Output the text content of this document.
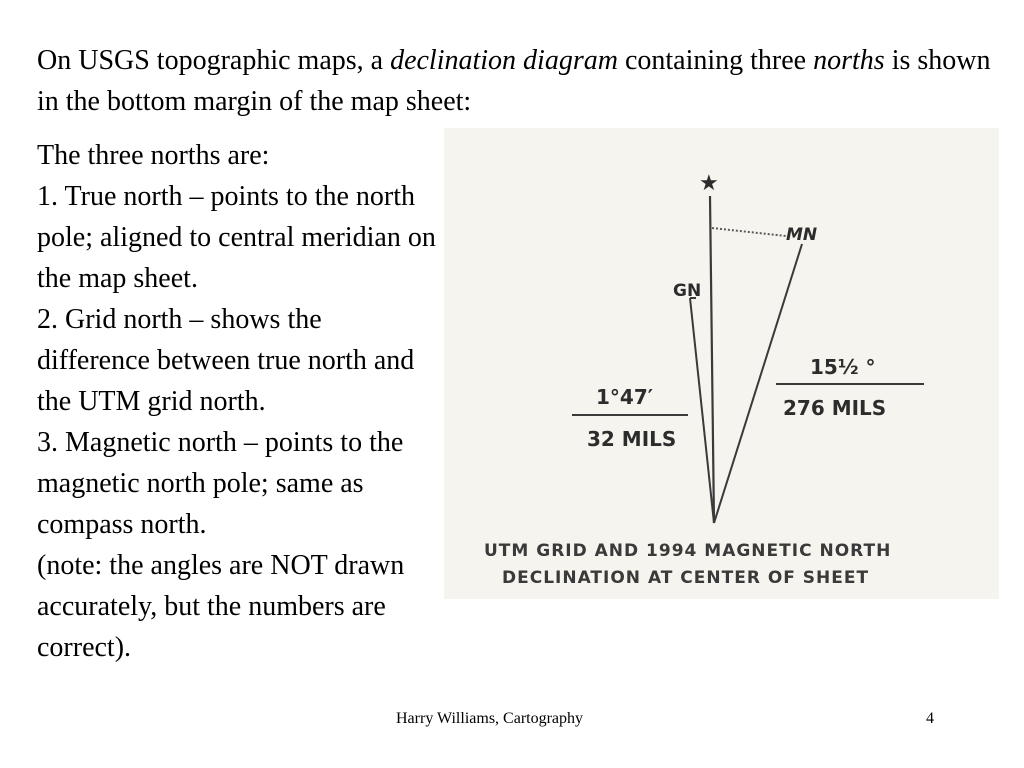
On USGS topographic maps, a declination diagram containing three norths is shown in the bottom margin of the map sheet:

The three norths are:
1. True north – points to the north pole; aligned to central meridian on the map sheet.
2. Grid north – shows the difference between true north and the UTM grid north.
3. Magnetic north – points to the magnetic north pole; same as compass north.
(note: the angles are NOT drawn accurately, but the numbers are correct).
★
MN
GN
1°47′
32 MILS
15½ °
276 MILS
UTM GRID AND 1994 MAGNETIC NORTH
DECLINATION AT CENTER OF SHEET
Harry Williams, Cartography	4
